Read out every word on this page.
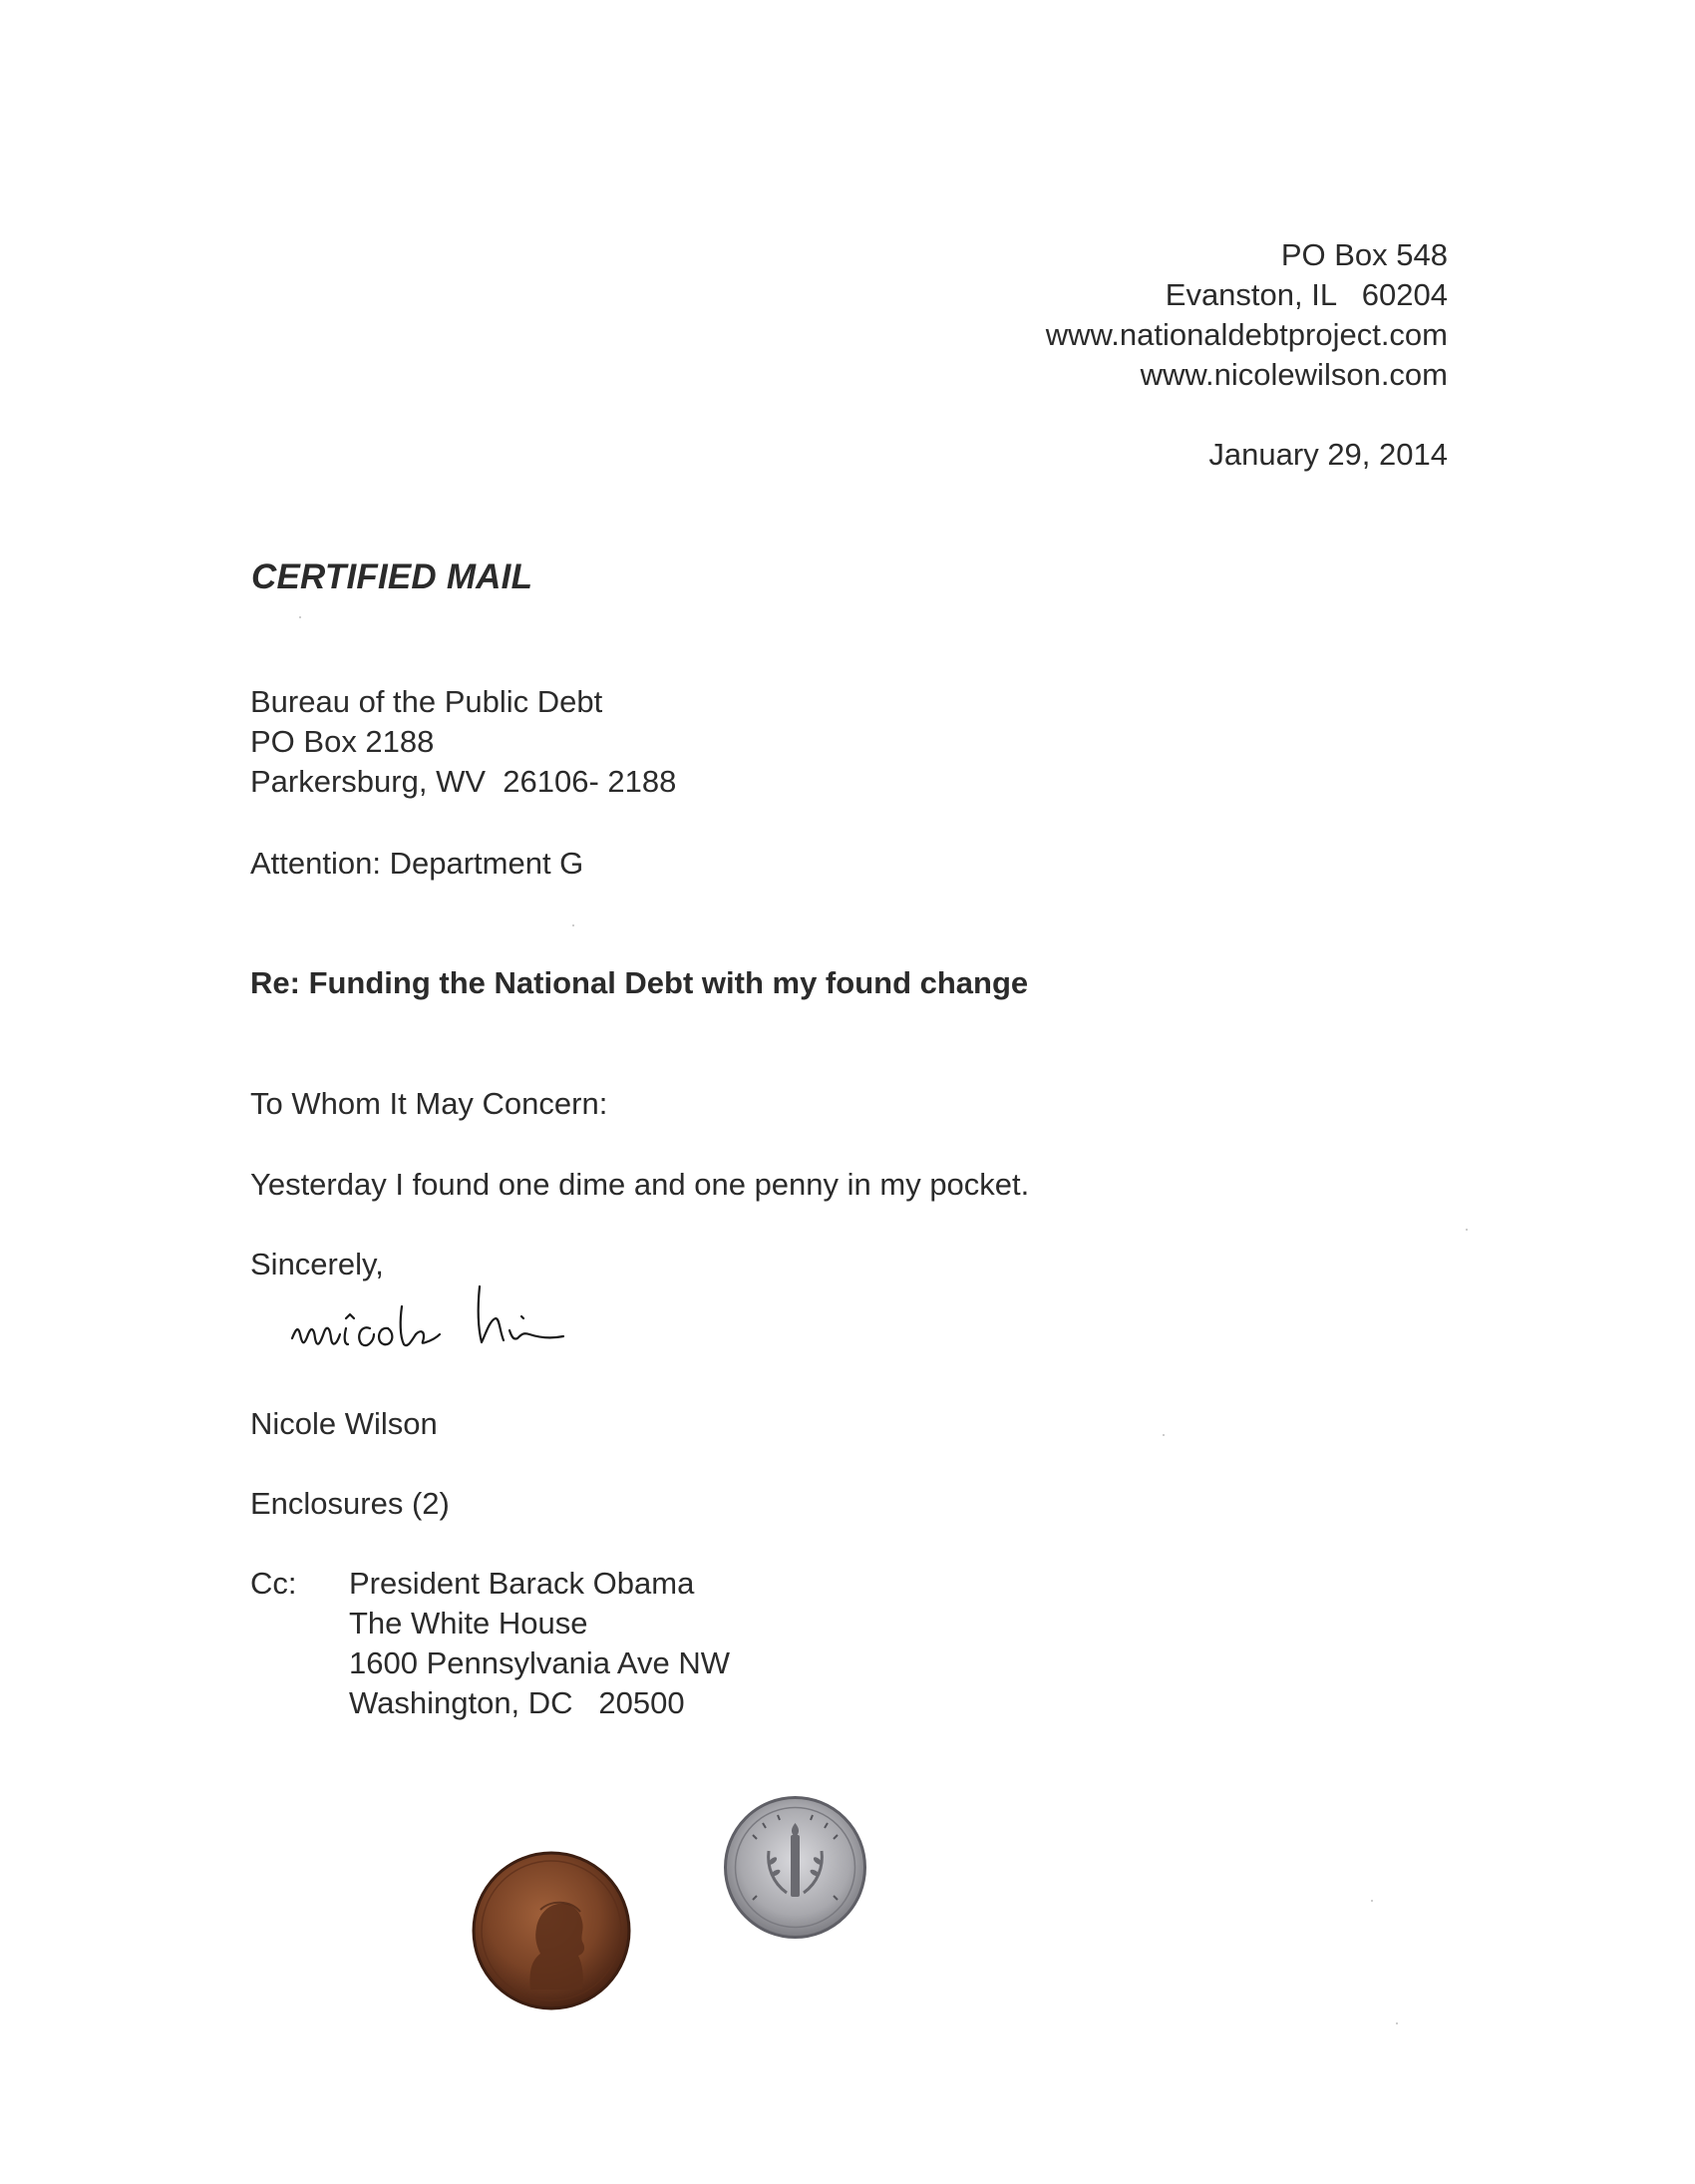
PO Box 548
Evanston, IL   60204
www.nationaldebtproject.com
www.nicolewilson.com
January 29, 2014
CERTIFIED MAIL
Bureau of the Public Debt
PO Box 2188
Parkersburg, WV  26106- 2188
Attention: Department G
Re: Funding the National Debt with my found change
To Whom It May Concern:
Yesterday I found one dime and one penny in my pocket.
Sincerely,
Nicole Wilson
Enclosures (2)
Cc: President Barack Obama
The White House
1600 Pennsylvania Ave NW
Washington, DC   20500
